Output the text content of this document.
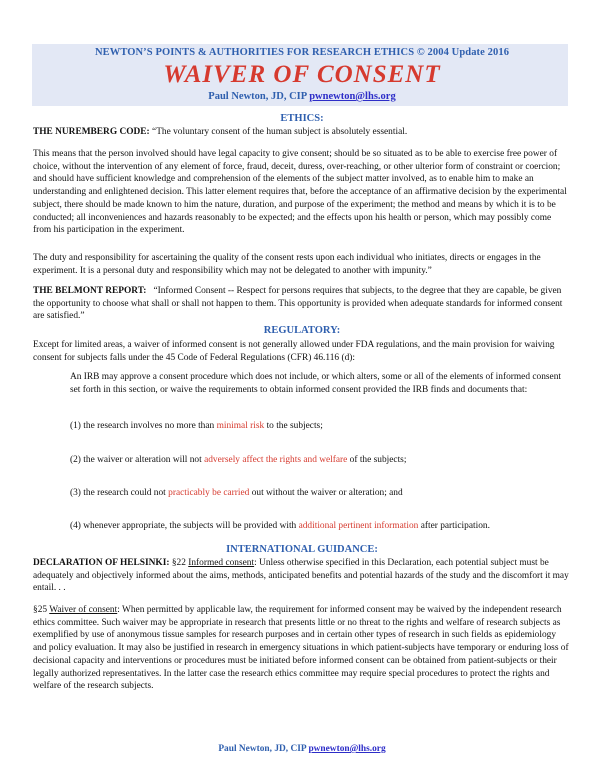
NEWTON’S POINTS & AUTHORITIES FOR RESEARCH ETHICS © 2004 Update 2016
WAIVER OF CONSENT
Paul Newton, JD, CIP pwnewton@lhs.org
ETHICS:
THE NUREMBERG CODE: “The voluntary consent of the human subject is absolutely essential.
This means that the person involved should have legal capacity to give consent; should be so situated as to be able to exercise free power of choice, without the intervention of any element of force, fraud, deceit, duress, over-reaching, or other ulterior form of constraint or coercion; and should have sufficient knowledge and comprehension of the elements of the subject matter involved, as to enable him to make an understanding and enlightened decision. This latter element requires that, before the acceptance of an affirmative decision by the experimental subject, there should be made known to him the nature, duration, and purpose of the experiment; the method and means by which it is to be conducted; all inconveniences and hazards reasonably to be expected; and the effects upon his health or person, which may possibly come from his participation in the experiment.
The duty and responsibility for ascertaining the quality of the consent rests upon each individual who initiates, directs or engages in the experiment. It is a personal duty and responsibility which may not be delegated to another with impunity.”
THE BELMONT REPORT: “Informed Consent -- Respect for persons requires that subjects, to the degree that they are capable, be given the opportunity to choose what shall or shall not happen to them. This opportunity is provided when adequate standards for informed consent are satisfied.”
REGULATORY:
Except for limited areas, a waiver of informed consent is not generally allowed under FDA regulations, and the main provision for waiving consent for subjects falls under the 45 Code of Federal Regulations (CFR) 46.116 (d):
An IRB may approve a consent procedure which does not include, or which alters, some or all of the elements of informed consent set forth in this section, or waive the requirements to obtain informed consent provided the IRB finds and documents that:
(1) the research involves no more than minimal risk to the subjects;
(2) the waiver or alteration will not adversely affect the rights and welfare of the subjects;
(3) the research could not practicably be carried out without the waiver or alteration; and
(4) whenever appropriate, the subjects will be provided with additional pertinent information after participation.
INTERNATIONAL GUIDANCE:
DECLARATION OF HELSINKI: §22 Informed consent: Unless otherwise specified in this Declaration, each potential subject must be adequately and objectively informed about the aims, methods, anticipated benefits and potential hazards of the study and the discomfort it may entail. . .
§25 Waiver of consent: When permitted by applicable law, the requirement for informed consent may be waived by the independent research ethics committee. Such waiver may be appropriate in research that presents little or no threat to the rights and welfare of research subjects as exemplified by use of anonymous tissue samples for research purposes and in certain other types of research in such fields as epidemiology and policy evaluation. It may also be justified in research in emergency situations in which patient-subjects have temporary or enduring loss of decisional capacity and interventions or procedures must be initiated before informed consent can be obtained from patient-subjects or their legally authorized representatives. In the latter case the research ethics committee may require special procedures to protect the rights and welfare of the research subjects.
Paul Newton, JD, CIP pwnewton@lhs.org
